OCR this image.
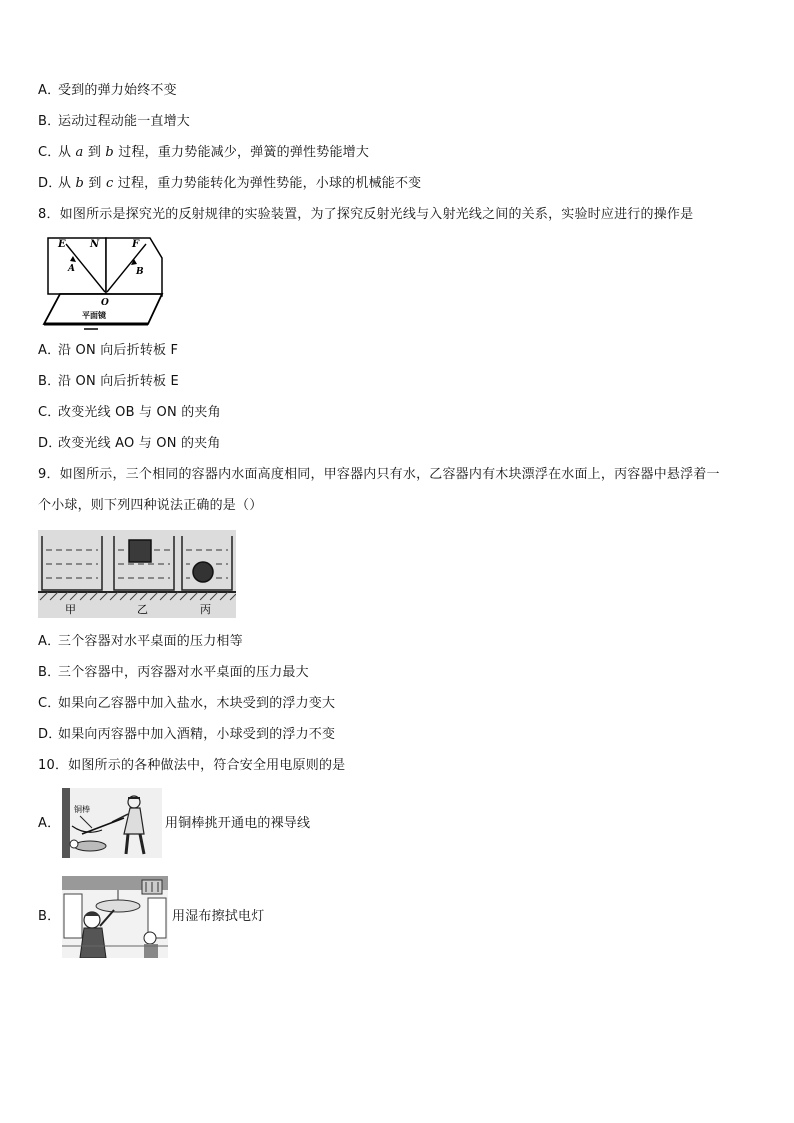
A．受到的弹力始终不变
B．运动过程动能一直增大
C．从 a 到 b 过程，重力势能减少，弹簧的弹性势能增大
D．从 b 到 c 过程，重力势能转化为弹性势能，小球的机械能不变
8．如图所示是探究光的反射规律的实验装置，为了探究反射光线与入射光线之间的关系，实验时应进行的操作是
E N	F
A	B
O
平面镜
A．沿 ON 向后折转板 F
B．沿 ON 向后折转板 E
C．改变光线 OB 与 ON 的夹角
D．改变光线 AO 与 ON 的夹角
9．如图所示，三个相同的容器内水面高度相同，甲容器内只有水，乙容器内有木块漂浮在水面上，丙容器中悬浮着一
个小球，则下列四种说法正确的是（）
甲	乙	丙
A．三个容器对水平桌面的压力相等
B．三个容器中，丙容器对水平桌面的压力最大
C．如果向乙容器中加入盐水，木块受到的浮力变大
D．如果向丙容器中加入酒精，小球受到的浮力不变
10．如图所示的各种做法中，符合安全用电原则的是
A．
铜棒
用铜棒挑开通电的裸导线
B．	用湿布擦拭电灯
